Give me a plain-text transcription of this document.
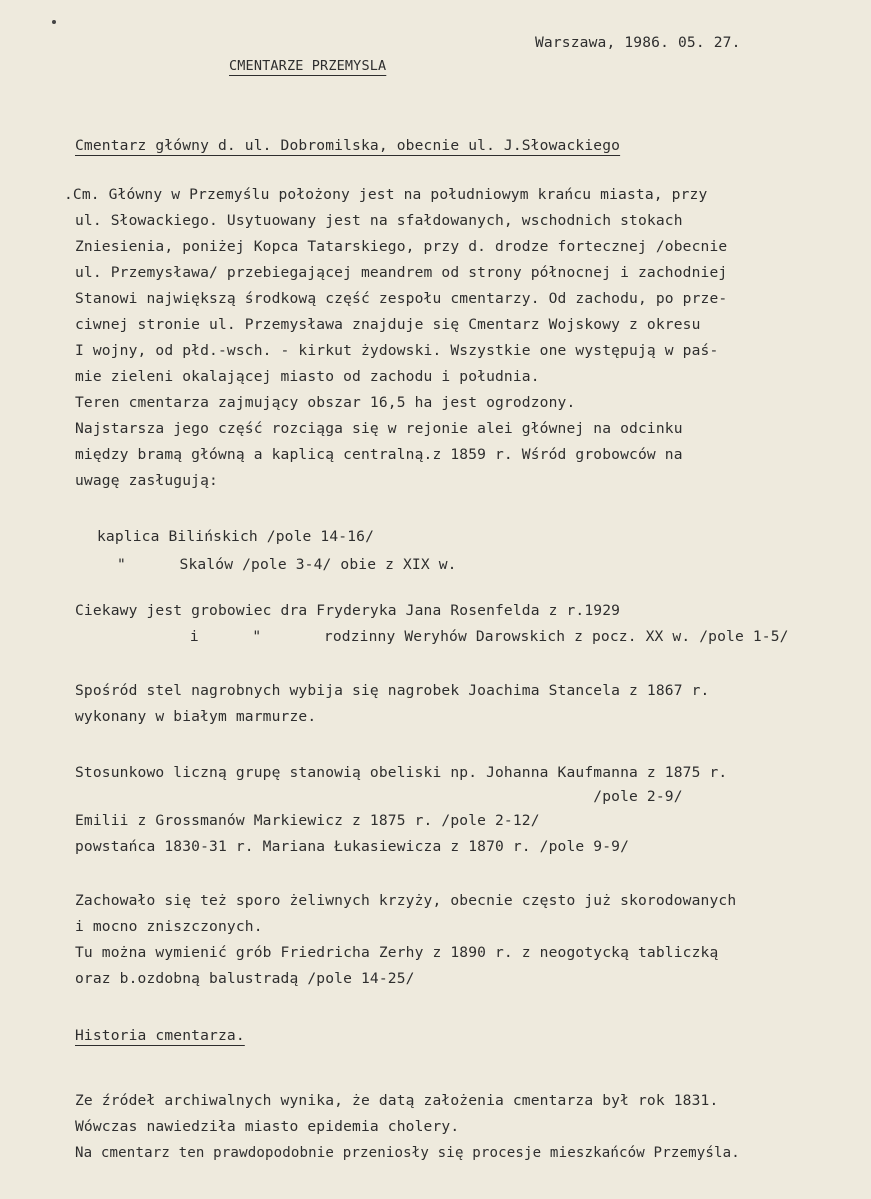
Warszawa, 1986. 05. 27.
CMENTARZE PRZEMYSLA
Cmentarz główny d. ul. Dobromilska, obecnie ul. J.Słowackiego
.Cm. Główny w Przemyślu położony jest na południowym krańcu miasta, przy
ul. Słowackiego. Usytuowany jest na sfałdowanych, wschodnich stokach
Zniesienia, poniżej Kopca Tatarskiego, przy d. drodze fortecznej /obecnie
ul. Przemysława/ przebiegającej meandrem od strony północnej i zachodniej
Stanowi największą środkową część zespołu cmentarzy. Od zachodu, po prze-
ciwnej stronie ul. Przemysława znajduje się Cmentarz Wojskowy z okresu
I wojny, od płd.-wsch. - kirkut żydowski. Wszystkie one występują w paś-
mie zieleni okalającej miasto od zachodu i południa.
Teren cmentarza zajmujący obszar 16,5 ha jest ogrodzony.
Najstarsza jego część rozciąga się w rejonie alei głównej na odcinku
między bramą główną a kaplicą centralną.z 1859 r. Wśród grobowców na
uwagę zasługują:
kaplica Bilińskich /pole 14-16/
"      Skalów /pole 3-4/ obie z XIX w.
Ciekawy jest grobowiec dra Fryderyka Jana Rosenfelda z r.1929
i      "       rodzinny Weryhów Darowskich z pocz. XX w. /pole 1-5/
Spośród stel nagrobnych wybija się nagrobek Joachima Stancela z 1867 r.
wykonany w białym marmurze.
Stosunkowo liczną grupę stanowią obeliski np. Johanna Kaufmanna z 1875 r.
/pole 2-9/
Emilii z Grossmanów Markiewicz z 1875 r. /pole 2-12/
powstańca 1830-31 r. Mariana Łukasiewicza z 1870 r. /pole 9-9/
Zachowało się też sporo żeliwnych krzyży, obecnie często już skorodowanych
i mocno zniszczonych.
Tu można wymienić grób Friedricha Zerhy z 1890 r. z neogotycką tabliczką
oraz b.ozdobną balustradą /pole 14-25/
Historia cmentarza.
Ze źródeł archiwalnych wynika, że datą założenia cmentarza był rok 1831.
Wówczas nawiedziła miasto epidemia cholery.
Na cmentarz ten prawdopodobnie przeniosły się procesje mieszkańców Przemyśla.
